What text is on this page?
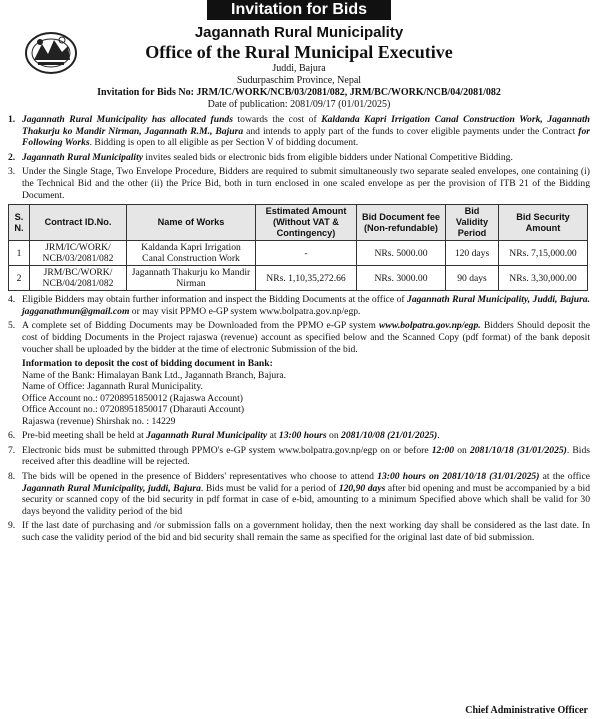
Invitation for Bids
Jagannath Rural Municipality
Office of the Rural Municipal Executive
Juddi, Bajura
Sudurpaschim Province, Nepal
Invitation for Bids No: JRM/IC/WORK/NCB/03/2081/082, JRM/BC/WORK/NCB/04/2081/082
Date of publication: 2081/09/17 (01/01/2025)
1. Jagannath Rural Municipality has allocated funds towards the cost of Kaldanda Kapri Irrigation Canal Construction Work, Jagannath Thakurju ko Mandir Nirman, Jagannath R.M., Bajura and intends to apply part of the funds to cover eligible payments under the Contract for Following Works. Bidding is open to all eligible as per Section V of bidding document.
2. Jagannath Rural Municipality invites sealed bids or electronic bids from eligible bidders under National Competitive Bidding.
3. Under the Single Stage, Two Envelope Procedure, Bidders are required to submit simultaneously two separate sealed envelopes, one containing (i) the Technical Bid and the other (ii) the Price Bid, both in turn enclosed in one scaled envelope as per the provision of ITB 21 of the Bidding Document.
S. N.	Contract ID.No.	Name of Works	Estimated Amount (Without VAT & Contingency)	Bid Document fee (Non-refundable)	Bid Validity Period	Bid Security Amount
1	JRM/IC/WORK/ NCB/03/2081/082	Kaldanda Kapri Irrigation Canal Construction Work	-	NRs. 5000.00	120 days	NRs. 7,15,000.00
2	JRM/BC/WORK/ NCB/04/2081/082	Jagannath Thakurju ko Mandir Nirman	NRs. 1,10,35,272.66	NRs. 3000.00	90 days	NRs. 3,30,000.00
4. Eligible Bidders may obtain further information and inspect the Bidding Documents at the office of Jagannath Rural Municipality, Juddi, Bajura. jagganathmun@gmail.com or may visit PPMO e-GP system www.bolpatra.gov.np/egp.
5. A complete set of Bidding Documents may be Downloaded from the PPMO e-GP system www.bolpatra.gov.np/egp. Bidders Should deposit the cost of bidding Documents in the Project rajaswa (revenue) account as specified below and the Scanned Copy (pdf format) of the bank deposit voucher shall be uploaded by the bidder at the time of electronic Submission of the bid.
Information to deposit the cost of bidding document in Bank:
Name of the Bank: Himalayan Bank Ltd., Jagannath Branch, Bajura.
Name of Office: Jagannath Rural Municipality.
Office Account no.: 07208951850012 (Rajaswa Account)
Office Account no.: 07208951850017 (Dharauti Account)
Rajaswa (revenue) Shirshak no. : 14229
6. Pre-bid meeting shall be held at Jagannath Rural Municipality at 13:00 hours on 2081/10/08 (21/01/2025).
7. Electronic bids must be submitted through PPMO's e-GP system www.bolpatra.gov.np/egp on or before 12:00 on 2081/10/18 (31/01/2025). Bids received after this deadline will be rejected.
8. The bids will be opened in the presence of Bidders' representatives who choose to attend 13:00 hours on 2081/10/18 (31/01/2025) at the office Jagannath Rural Municipality, juddi, Bajura. Bids must be valid for a period of 120,90 days after bid opening and must be accompanied by a bid security or scanned copy of the bid security in pdf format in case of e-bid, amounting to a minimum Specified above which shall be valid for 30 days beyond the validity period of the bid
9. If the last date of purchasing and /or submission falls on a government holiday, then the next working day shall be considered as the last date. In such case the validity period of the bid and bid security shall remain the same as specified for the original last date of bid submission.
Chief Administrative Officer
